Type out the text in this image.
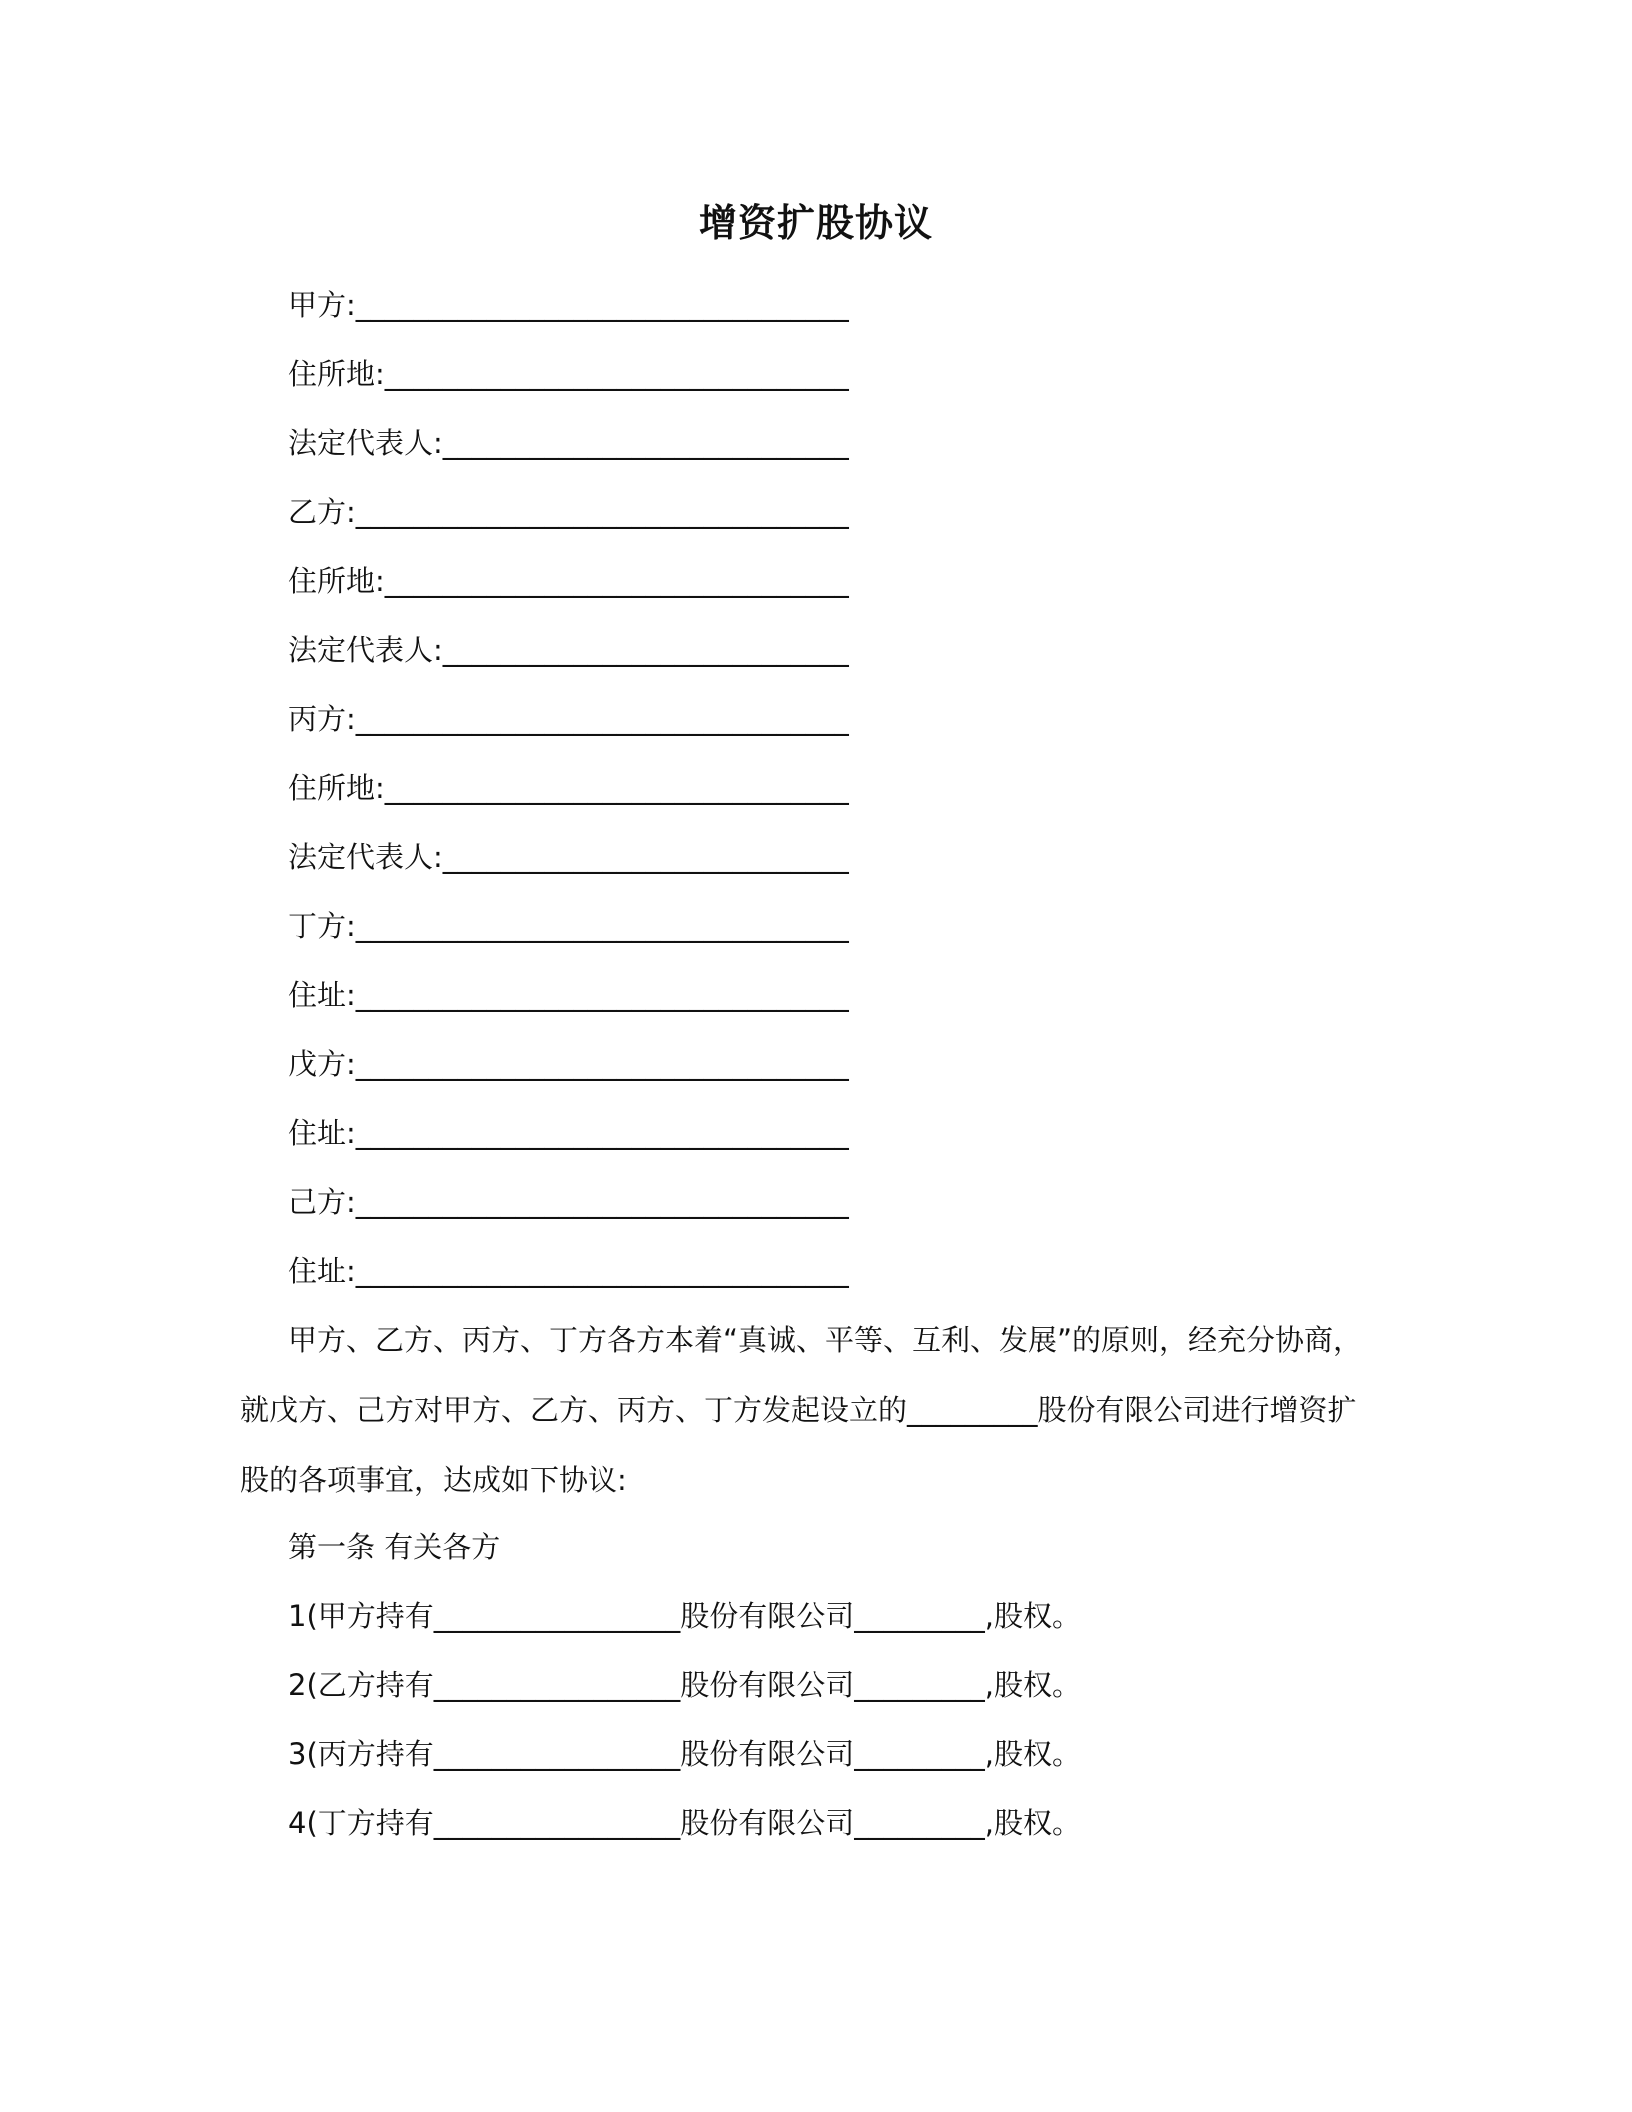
增资扩股协议
甲方:__________________________________
住所地:________________________________
法定代表人:____________________________
乙方:__________________________________
住所地:________________________________
法定代表人:____________________________
丙方:__________________________________
住所地:________________________________
法定代表人:____________________________
丁方:__________________________________
住址:__________________________________
戊方:__________________________________
住址:__________________________________
己方:__________________________________
住址:__________________________________
甲方、乙方、丙方、丁方各方本着“真诚、平等、互利、发展”的原则，经充分协商，就戊方、己方对甲方、乙方、丙方、丁方发起设立的_________股份有限公司进行增资扩股的各项事宜，达成如下协议:
第一条 有关各方
1(甲方持有_________________股份有限公司_________,股权。
2(乙方持有_________________股份有限公司_________,股权。
3(丙方持有_________________股份有限公司_________,股权。
4(丁方持有_________________股份有限公司_________,股权。
